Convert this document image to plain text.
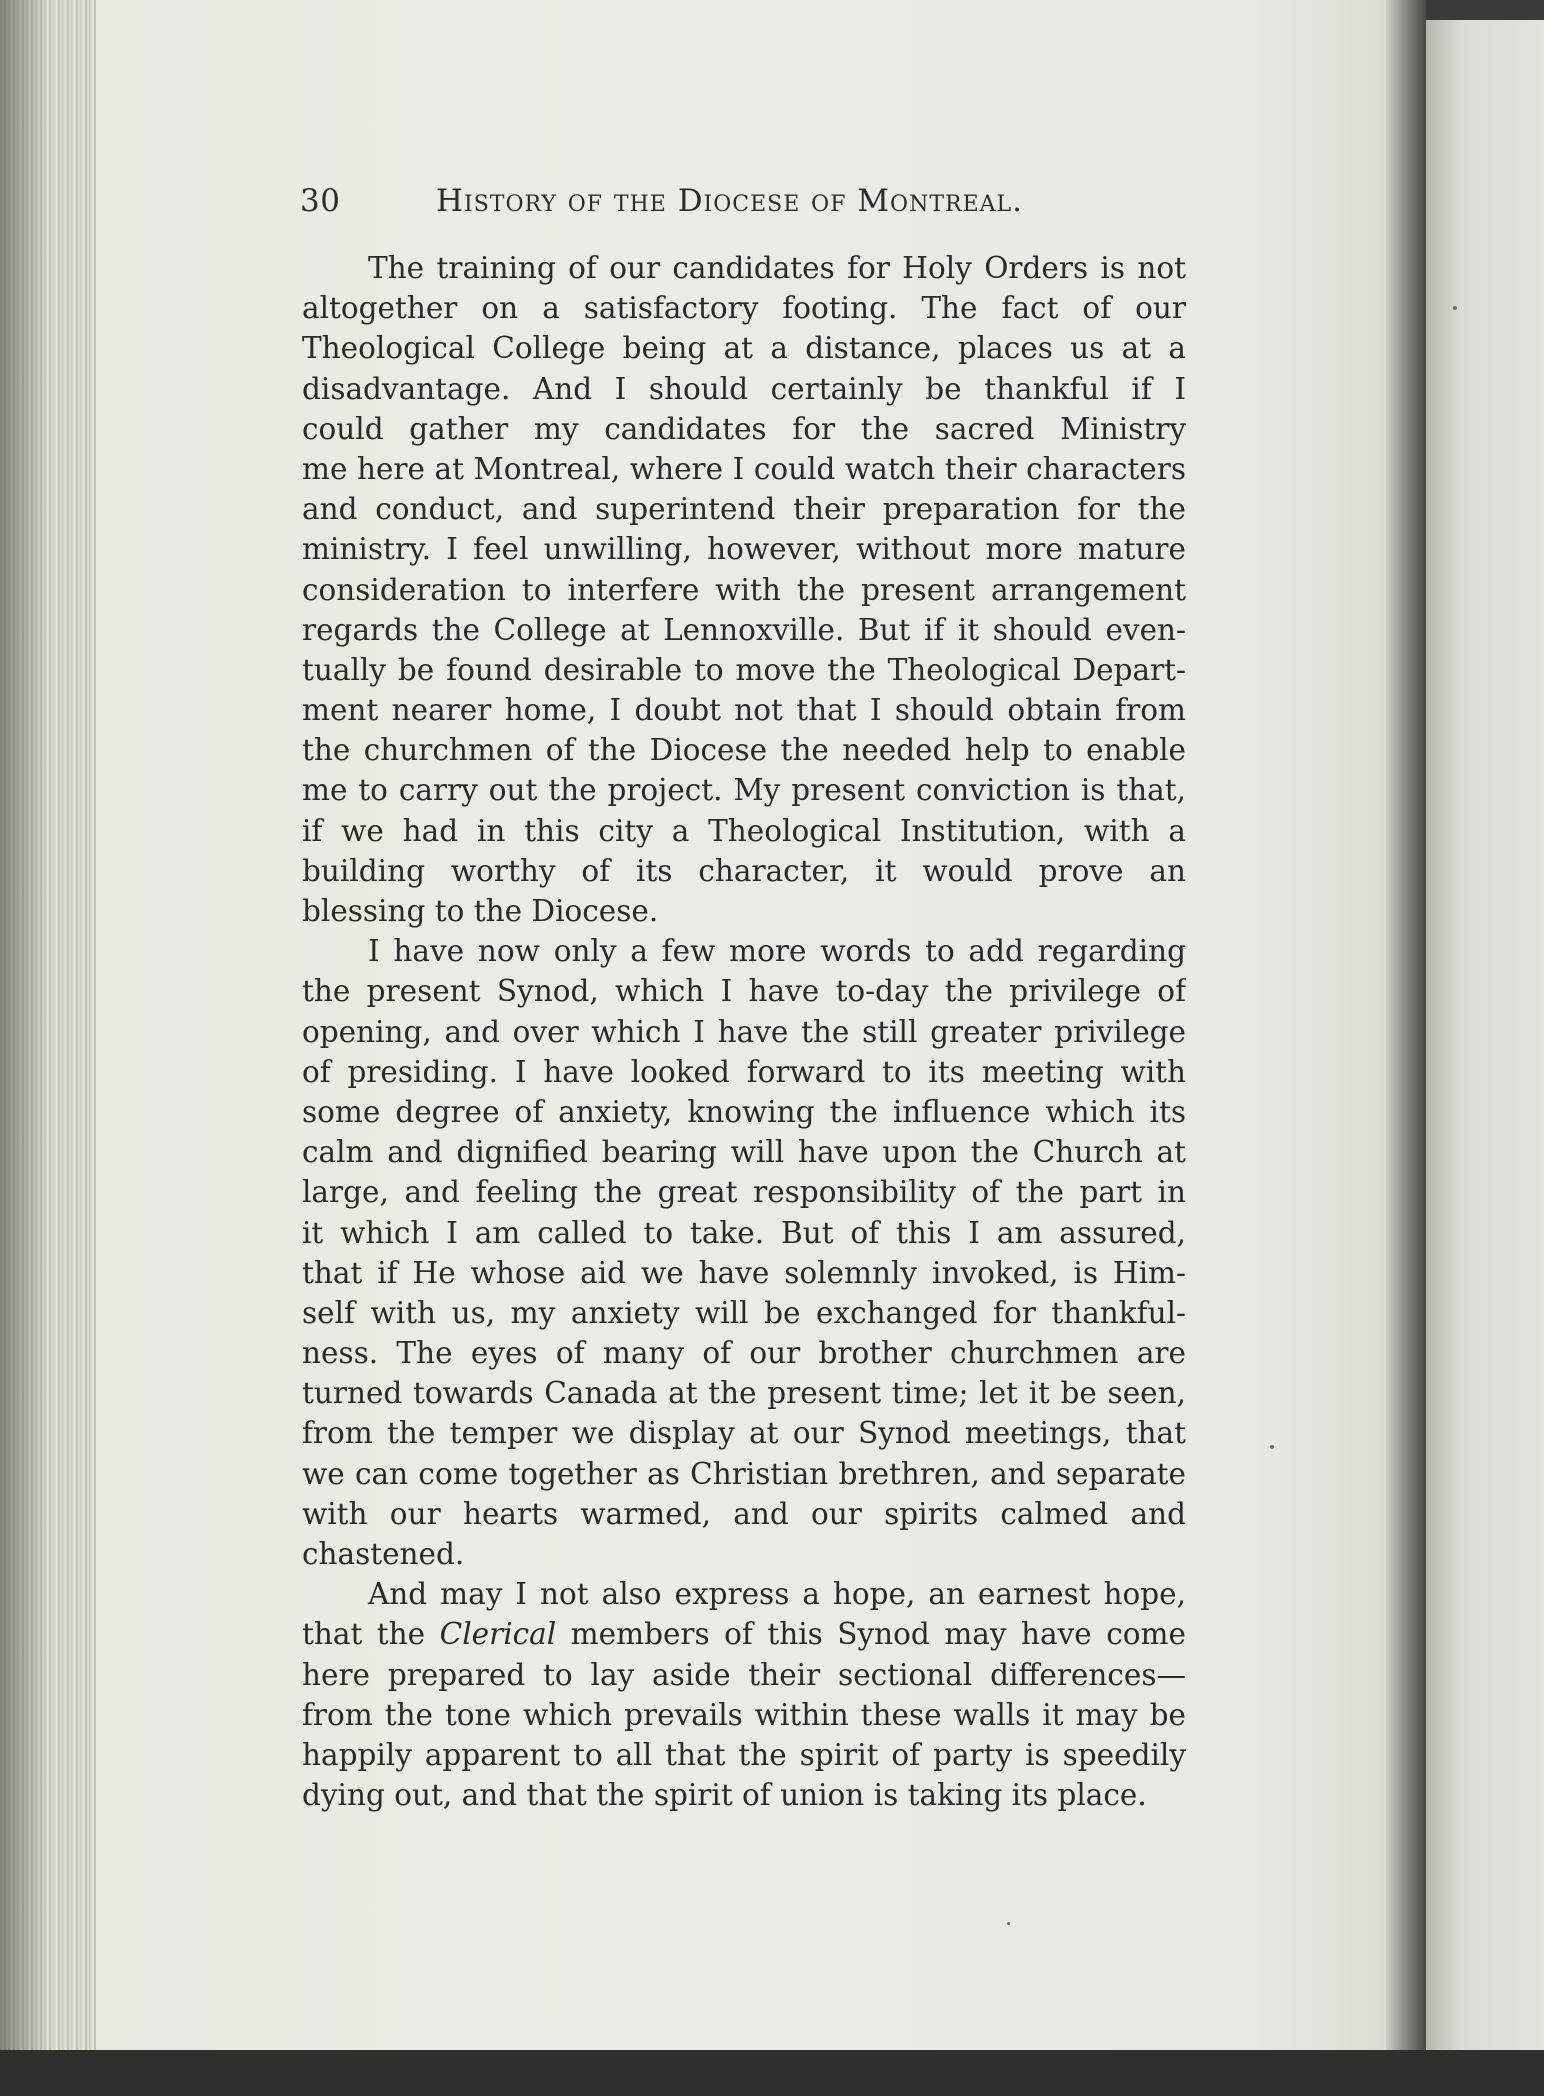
30	History of the Diocese of Montreal.
The training of our candidates for Holy Orders is not
altogether on a satisfactory footing. The fact of our
Theological College being at a distance, places us at a
disadvantage. And I should certainly be thankful if I
could gather my candidates for the sacred Ministry
me here at Montreal, where I could watch their characters
and conduct, and superintend their preparation for the
ministry. I feel unwilling, however, without more mature
consideration to interfere with the present arrangement
regards the College at Lennoxville. But if it should even-
tually be found desirable to move the Theological Depart-
ment nearer home, I doubt not that I should obtain from
the churchmen of the Diocese the needed help to enable
me to carry out the project. My present conviction is that,
if we had in this city a Theological Institution, with a
building worthy of its character, it would prove an
blessing to the Diocese.
I have now only a few more words to add regarding
the present Synod, which I have to-day the privilege of
opening, and over which I have the still greater privilege
of presiding. I have looked forward to its meeting with
some degree of anxiety, knowing the influence which its
calm and dignified bearing will have upon the Church at
large, and feeling the great responsibility of the part in
it which I am called to take. But of this I am assured,
that if He whose aid we have solemnly invoked, is Him-
self with us, my anxiety will be exchanged for thankful-
ness. The eyes of many of our brother churchmen are
turned towards Canada at the present time; let it be seen,
from the temper we display at our Synod meetings, that
we can come together as Christian brethren, and separate
with our hearts warmed, and our spirits calmed and
chastened.
And may I not also express a hope, an earnest hope,
that the Clerical members of this Synod may have come
here prepared to lay aside their sectional differences—
from the tone which prevails within these walls it may be
happily apparent to all that the spirit of party is speedily
dying out, and that the spirit of union is taking its place.
